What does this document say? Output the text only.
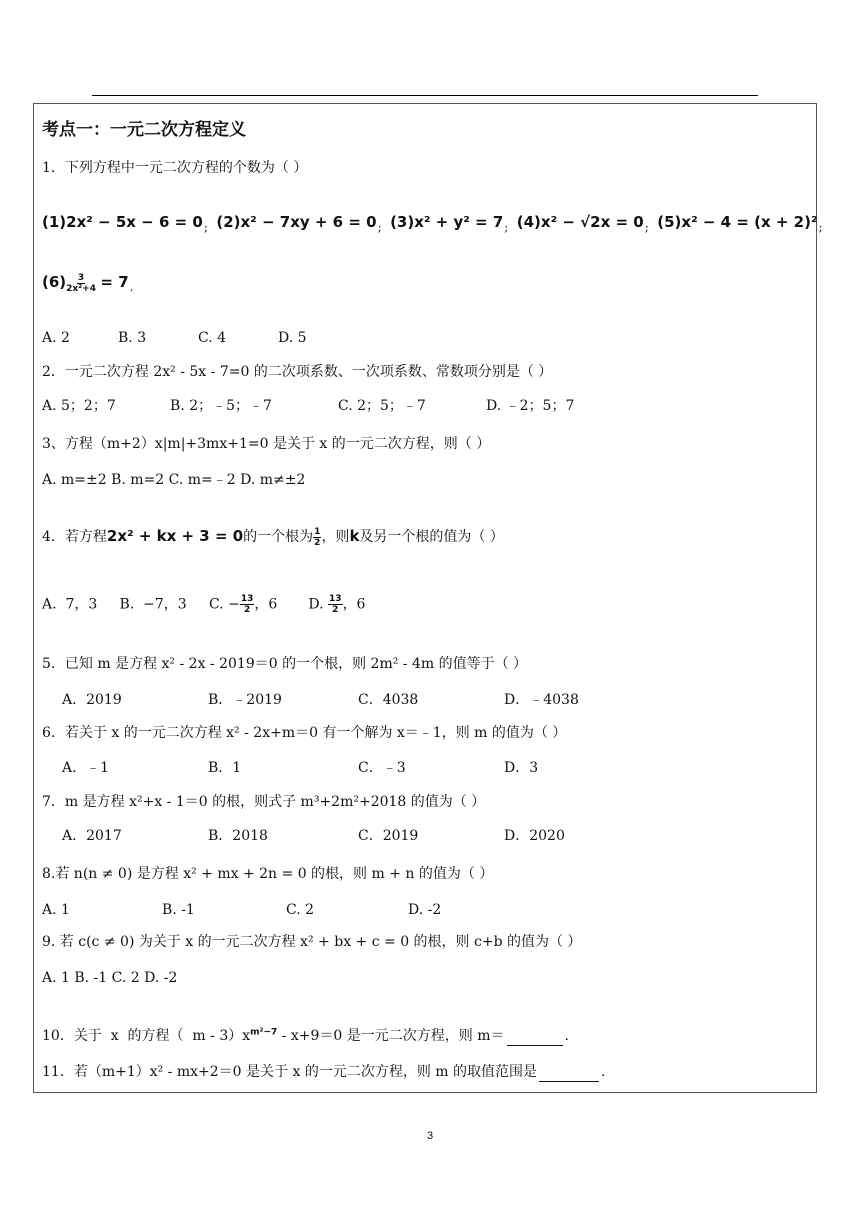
考点一：一元二次方程定义
1．下列方程中一元二次方程的个数为（ ）
(1)2x² − 5x − 6 = 0; (2)x² − 7xy + 6 = 0; (3)x² + y² = 7; (4)x² − √2x = 0; (5)x² − 4 = (x + 2)²;
$(6) \frac{3}{\text{2x²+4}} = 7$.
A. 2	B. 3	C. 4	D. 5
2．一元二次方程 2x² - 5x - 7=0 的二次项系数、一次项系数、常数项分别是（ ）
A. 5；2；7	B. 2；﹣5；﹣7	C. 2；5；﹣7	D. ﹣2；5；7
3、方程（m+2）x|m|+3mx+1=0 是关于 x 的一元二次方程，则（ ）
A. m=±2 B. m=2 C. m=﹣2 D. m≠±2
4．若方程2x² + kx + 3 = 0的一个根为 $\frac{1}{2}$ ，则k及另一个根的值为（ ）
A.  7，3     B.  −7，3     C. − $\frac{13}{2}$ ，6       D. $\frac{13}{2}$ ，6
5．已知 m 是方程 x² - 2x - 2019＝0 的一个根，则 2m² - 4m 的值等于（ ）
A．2019	B．﹣2019	C．4038	D．﹣4038
6．若关于 x 的一元二次方程 x² - 2x+m＝0 有一个解为 x＝﹣1，则 m 的值为（ ）
A．﹣1	B．1	C．﹣3	D．3
7．m 是方程 x²+x - 1＝0 的根，则式子 m³+2m²+2018 的值为（ ）
A．2017	B．2018	C．2019	D．2020
8.若 n(n ≠ 0) 是方程 x² + mx + 2n = 0 的根，则 m + n 的值为（ ）
A. 1	B. -1	C. 2	D. -2
9. 若 c(c ≠ 0) 为关于 x 的一元二次方程 x² + bx + c = 0 的根，则 c+b 的值为（ ）
A. 1 B. -1 C. 2 D. -2
10．关于  x  的方程（  $m - 3)x^{m^2-7} - x+9=0$ 是一元二次方程，则 m＝	.
11．若（m+1）x² - mx+2＝0 是关于 x 的一元二次方程，则 m 的取值范围是	.
3
